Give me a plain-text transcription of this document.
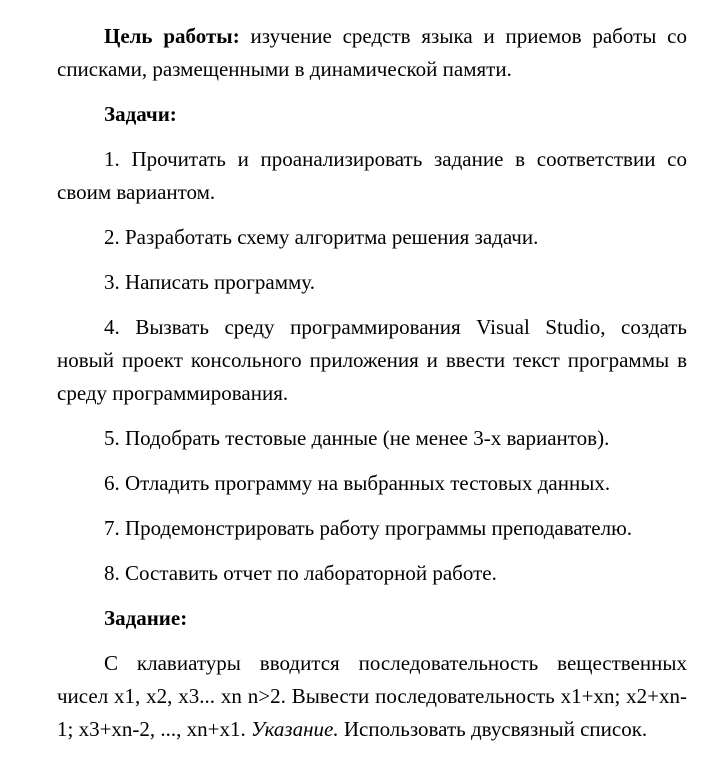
Цель работы: изучение средств языка и приемов работы со списками, размещенными в динамической памяти.

Задачи:

1. Прочитать и проанализировать задание в соответствии со своим вариантом.

2. Разработать схему алгоритма решения задачи.

3. Написать программу.

4. Вызвать среду программирования Visual Studio, создать новый проект консольного приложения и ввести текст программы в среду программирования.

5. Подобрать тестовые данные (не менее 3-х вариантов).

6. Отладить программу на выбранных тестовых данных.

7. Продемонстрировать работу программы преподавателю.

8. Составить отчет по лабораторной работе.

Задание:

С клавиатуры вводится последовательность вещественных чисел x1, x2, x3... xn n>2. Вывести последовательность x1+xn; x2+xn-1; x3+xn-2, ..., xn+x1. Указание. Использовать двусвязный список.
